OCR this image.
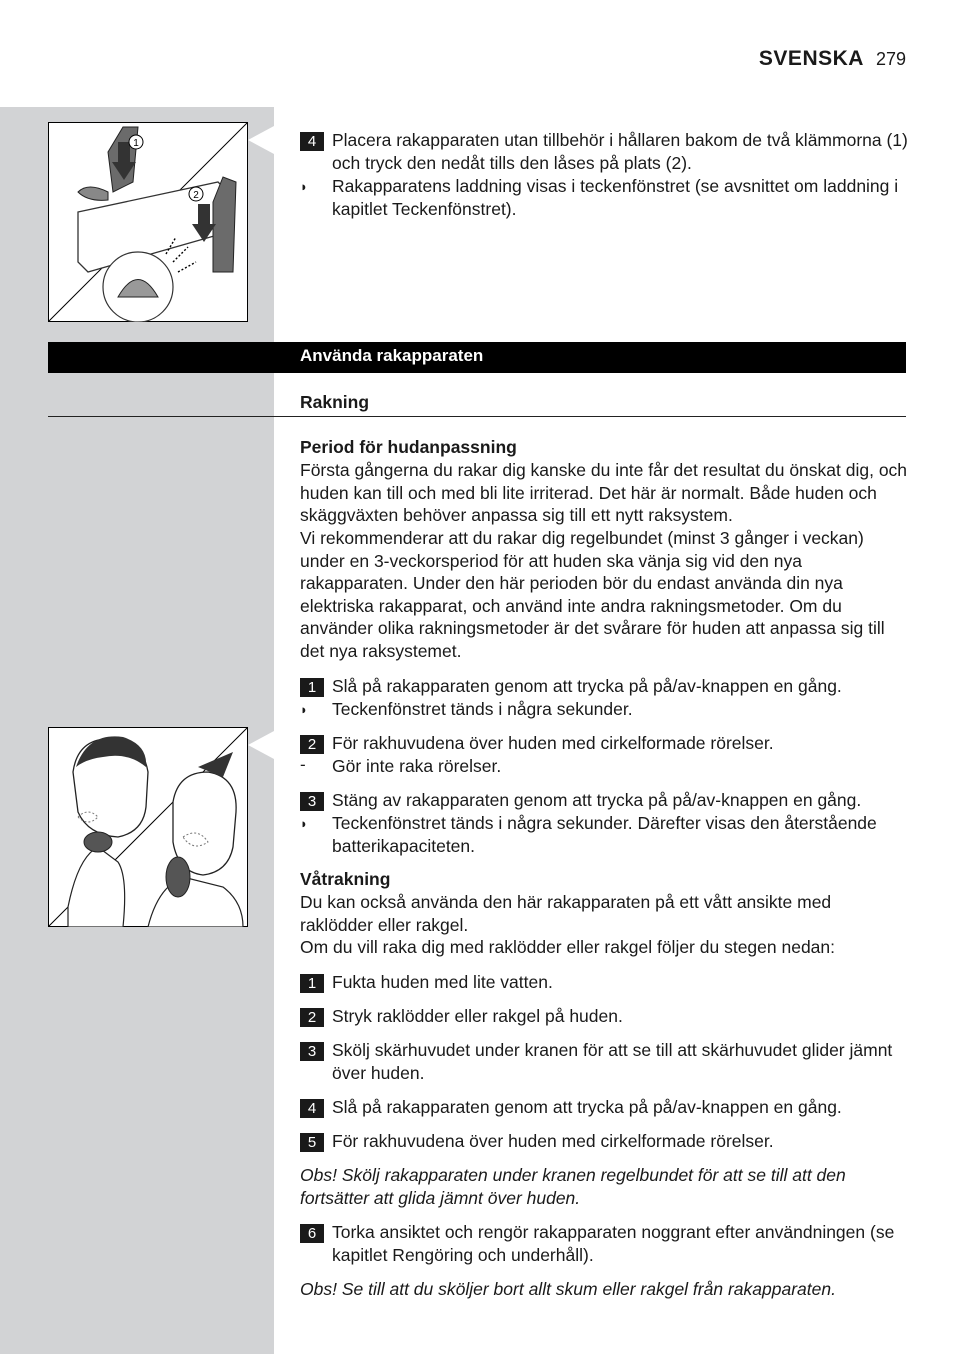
SVENSKA 279
1
2
4 Placera rakapparaten utan tillbehör i hållaren bakom de två klämmorna (1) och tryck den nedåt tills den låses på plats (2).
◗ Rakapparatens laddning visas i teckenfönstret (se avsnittet om laddning i kapitlet Teckenfönstret).
Använda rakapparaten
Rakning
Period för hudanpassning
Första gångerna du rakar dig kanske du inte får det resultat du önskat dig, och huden kan till och med bli lite irriterad. Det här är normalt. Både huden och skäggväxten behöver anpassa sig till ett nytt raksystem.
Vi rekommenderar att du rakar dig regelbundet (minst 3 gånger i veckan) under en 3-veckorsperiod för att huden ska vänja sig vid den nya rakapparaten. Under den här perioden bör du endast använda din nya elektriska rakapparat, och använd inte andra rakningsmetoder. Om du använder olika rakningsmetoder är det svårare för huden att anpassa sig till det nya raksystemet.
1 Slå på rakapparaten genom att trycka på på/av-knappen en gång.
◗ Teckenfönstret tänds i några sekunder.
2 För rakhuvudena över huden med cirkelformade rörelser.
- Gör inte raka rörelser.
3 Stäng av rakapparaten genom att trycka på på/av-knappen en gång.
◗ Teckenfönstret tänds i några sekunder. Därefter visas den återstående batterikapaciteten.
Våtrakning
Du kan också använda den här rakapparaten på ett vått ansikte med raklödder eller rakgel.
Om du vill raka dig med raklödder eller rakgel följer du stegen nedan:
1 Fukta huden med lite vatten.
2 Stryk raklödder eller rakgel på huden.
3 Skölj skärhuvudet under kranen för att se till att skärhuvudet glider jämnt över huden.
4 Slå på rakapparaten genom att trycka på på/av-knappen en gång.
5 För rakhuvudena över huden med cirkelformade rörelser.
Obs! Skölj rakapparaten under kranen regelbundet för att se till att den fortsätter att glida jämnt över huden.
6 Torka ansiktet och rengör rakapparaten noggrant efter användningen (se kapitlet Rengöring och underhåll).
Obs! Se till att du sköljer bort allt skum eller rakgel från rakapparaten.
